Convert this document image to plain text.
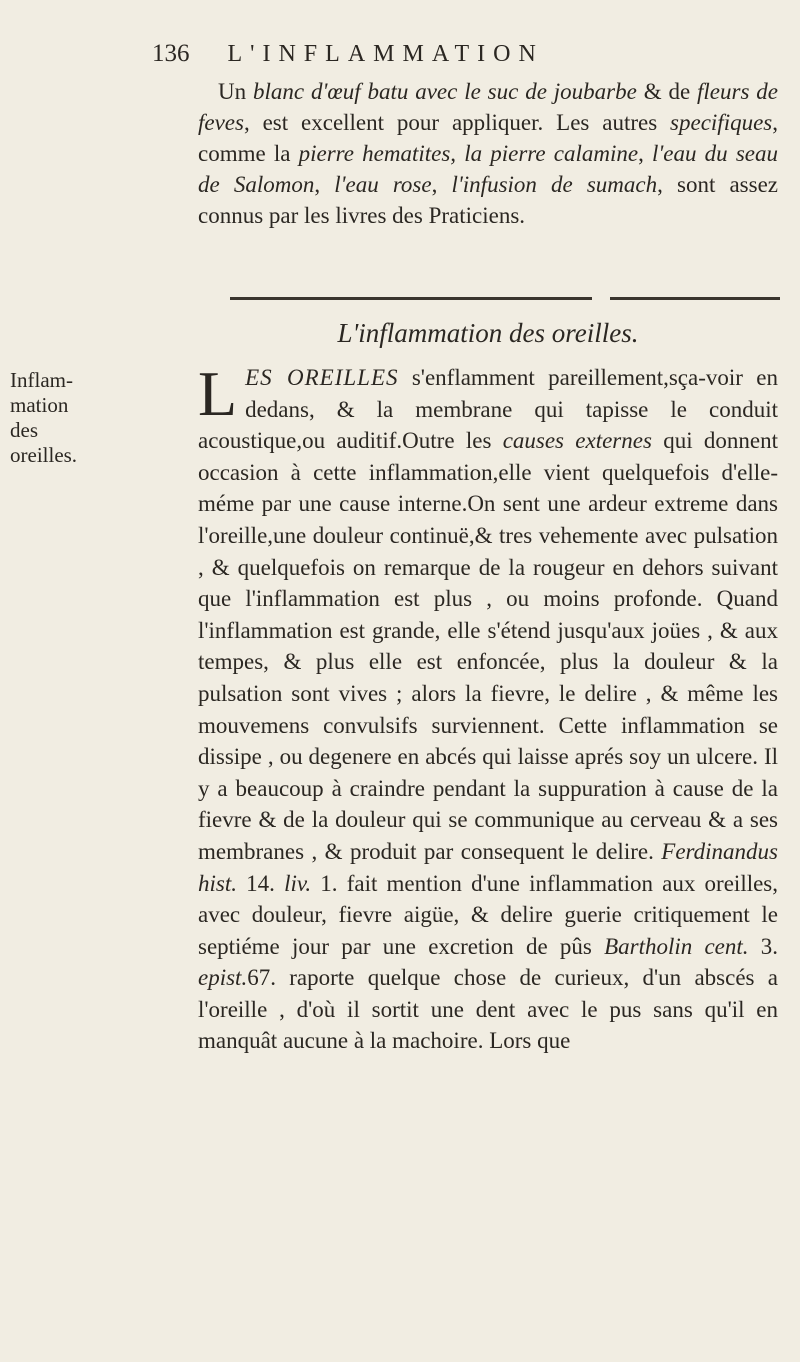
136 L'INFLAMMATION
Un blanc d'œuf batu avec le suc de joubarbe & de fleurs de feves, est excellent pour appliquer. Les autres specifiques, comme la pierre hematites, la pierre calamine, l'eau du seau de Salomon, l'eau rose, l'infusion de sumach, sont assez connus par les livres des Praticiens.
L'inflammation des oreilles.
Inflam-
mation
des
oreilles.
LES OREILLES s'enflamment pareillement,sça-voir en dedans, & la membrane qui tapisse le conduit acoustique,ou auditif.Outre les causes externes qui donnent occasion à cette inflammation,elle vient quelquefois d'elle-méme par une cause interne.On sent une ardeur extreme dans l'oreille,une douleur continuë,& tres vehemente avec pulsation , & quelquefois on remarque de la rougeur en dehors suivant que l'inflammation est plus , ou moins profonde. Quand l'inflammation est grande, elle s'étend jusqu'aux joües , & aux tempes, & plus elle est enfoncée, plus la douleur & la pulsation sont vives ; alors la fievre, le delire , & même les mouvemens convulsifs surviennent. Cette inflammation se dissipe , ou degenere en abcés qui laisse aprés soy un ulcere. Il y a beaucoup à craindre pendant la suppuration à cause de la fievre & de la douleur qui se communique au cerveau & a ses membranes , & produit par consequent le delire. Ferdinandus hist. 14. liv. 1. fait mention d'une inflammation aux oreilles, avec douleur, fievre aigüe, & delire guerie critiquement le septiéme jour par une excretion de pûs Bartholin cent. 3. epist.67. raporte quelque chose de curieux, d'un abscés a l'oreille , d'où il sortit une dent avec le pus sans qu'il en manquât aucune à la machoire. Lors que
